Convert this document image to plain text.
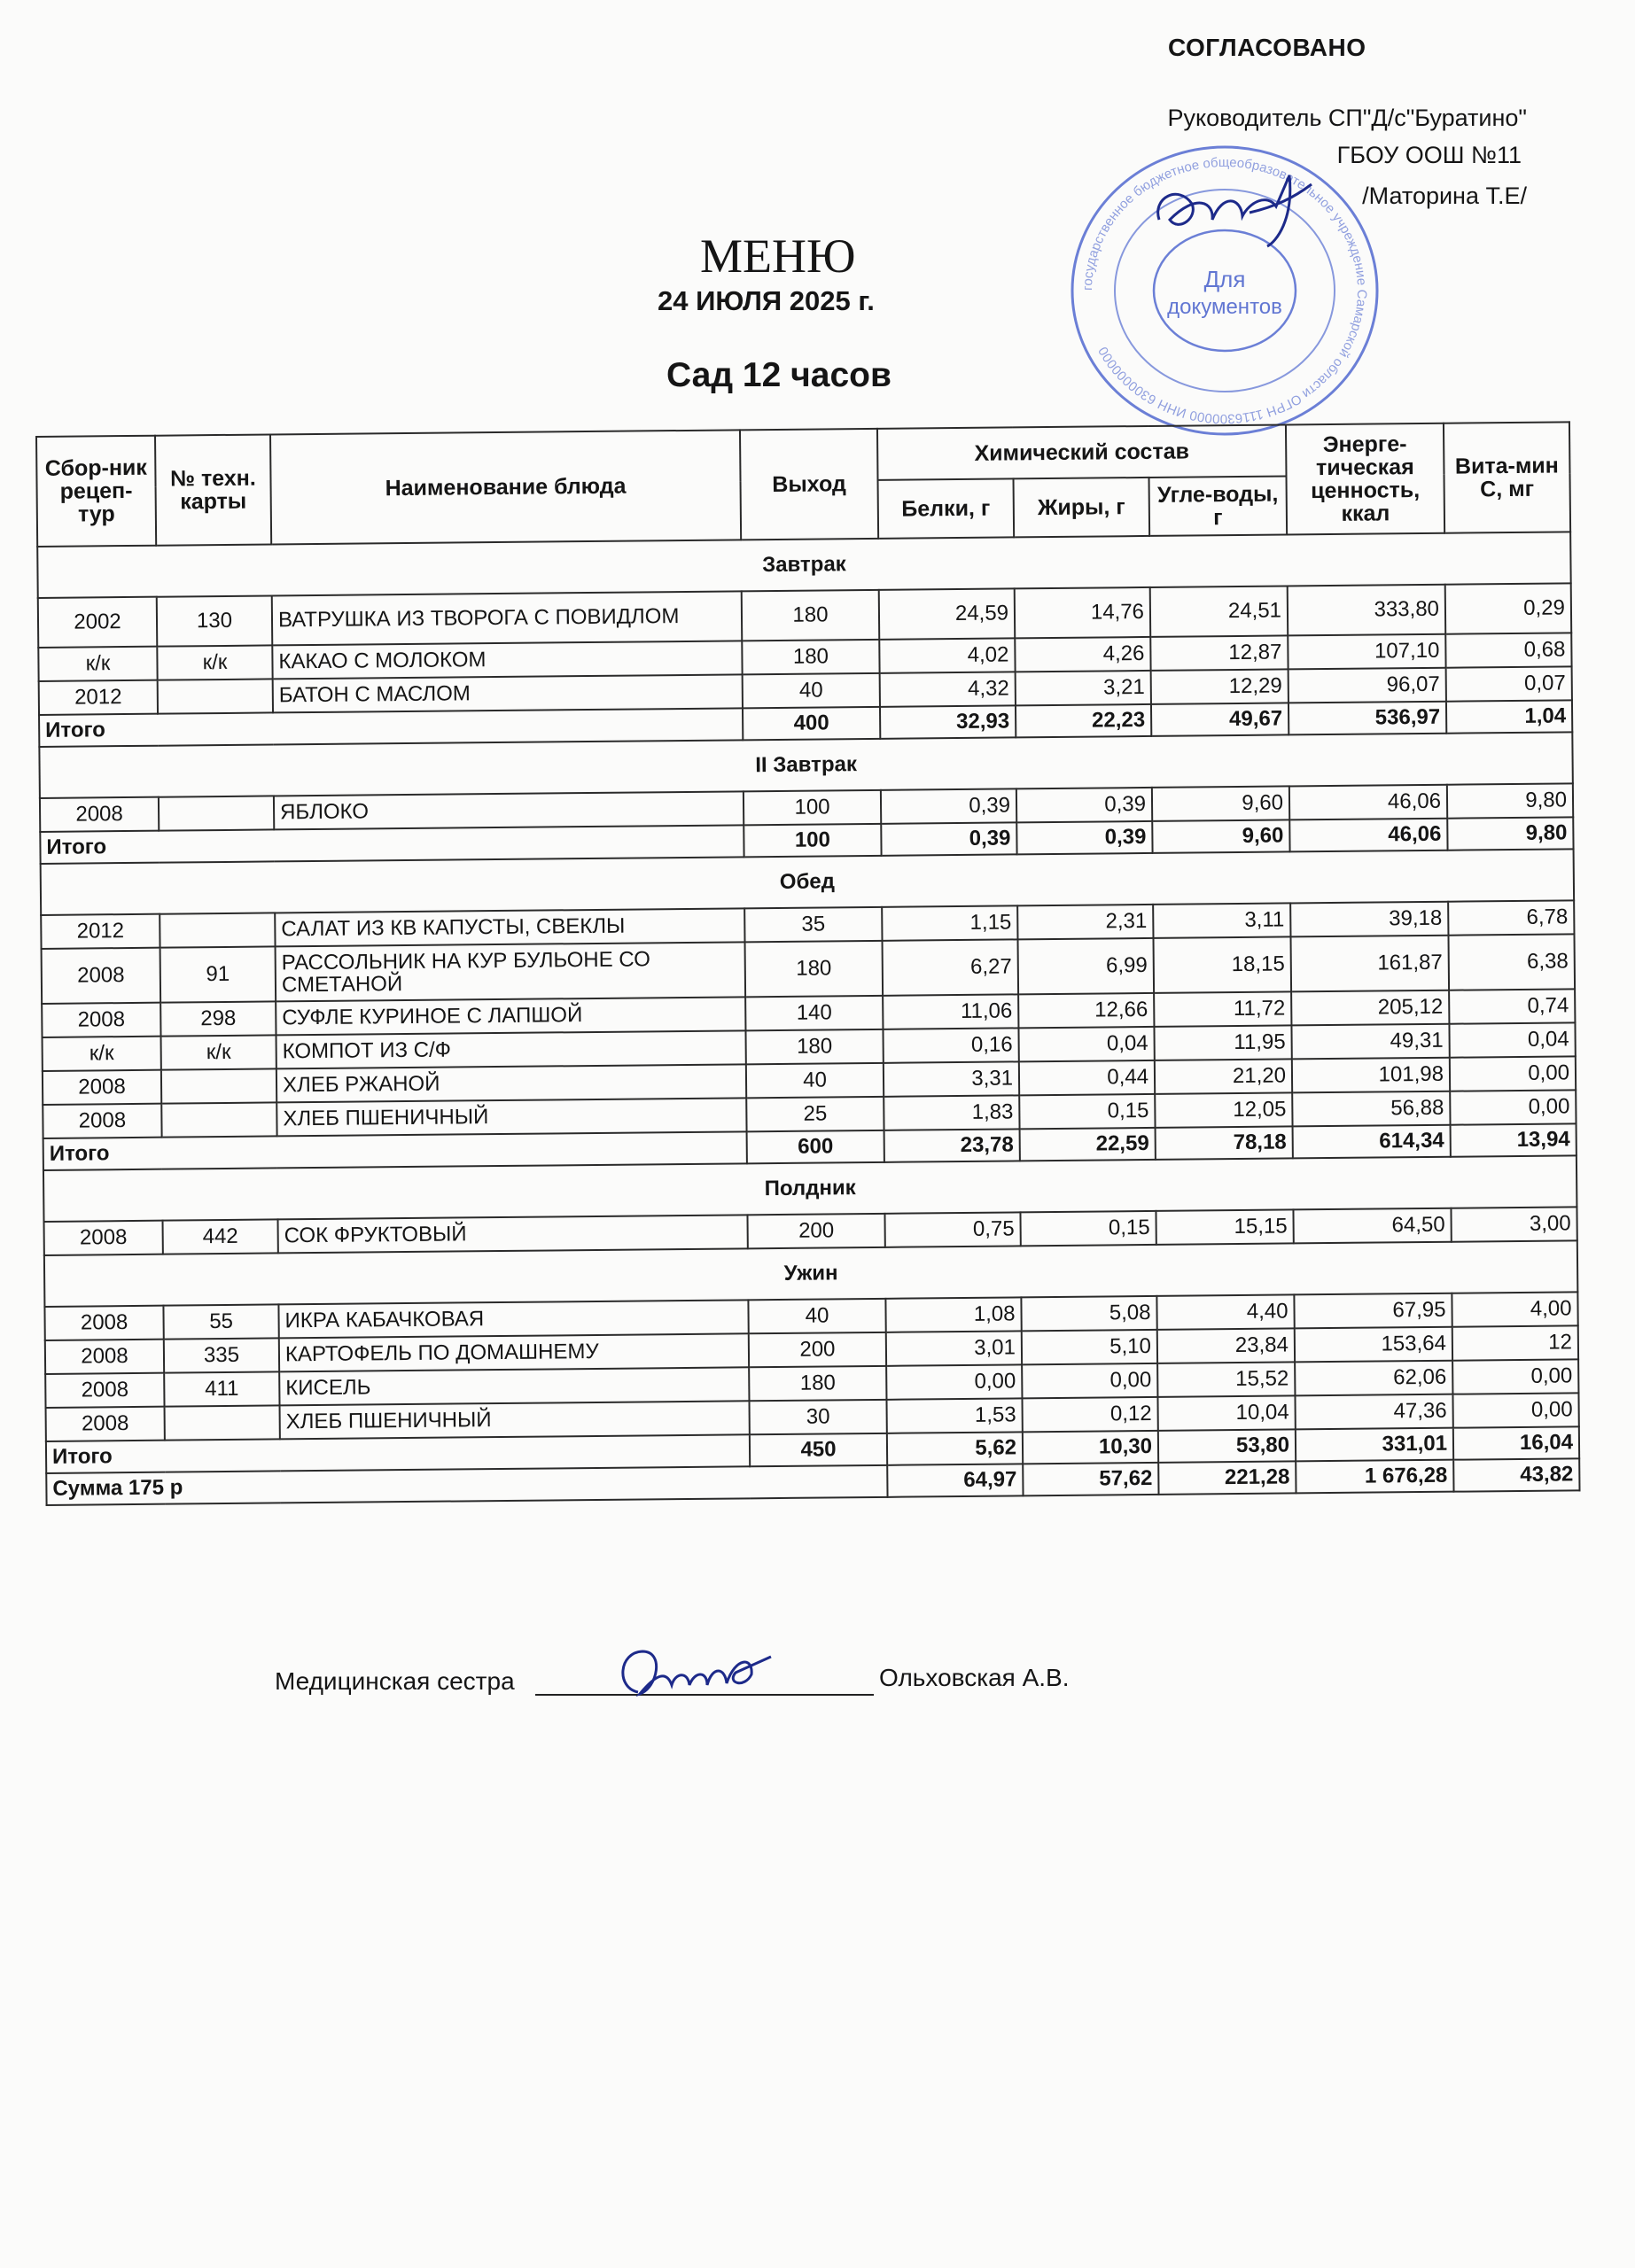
СОГЛАСОВАНО
Руководитель СП"Д/с"Буратино"
ГБОУ ООШ №11
/Маторина Т.Е/
государственное бюджетное общеобразовательное учреждение Самарской области ОГРН 1116300000 ИНН 6300000000
Для
документов
МЕНЮ
24 ИЮЛЯ 2025 г.
Сад 12 часов
Сбор-ник рецеп-тур	№ техн. карты	Наименование блюда	Выход	Химический состав			Энерге-тическая ценность, ккал	Вита-мин С, мг
				Белки, г	Жиры, г	Угле-воды, г		
Завтрак								
2002	130	ВАТРУШКА ИЗ ТВОРОГА С ПОВИДЛОМ	180	24,59	14,76	24,51	333,80	0,29
к/к	к/к	КАКАО С МОЛОКОМ	180	4,02	4,26	12,87	107,10	0,68
2012		БАТОН С МАСЛОМ	40	4,32	3,21	12,29	96,07	0,07
Итого			400	32,93	22,23	49,67	536,97	1,04
II Завтрак								
2008		ЯБЛОКО	100	0,39	0,39	9,60	46,06	9,80
Итого			100	0,39	0,39	9,60	46,06	9,80
Обед								
2012		САЛАТ ИЗ КВ КАПУСТЫ, СВЕКЛЫ	35	1,15	2,31	3,11	39,18	6,78
2008	91	РАССОЛЬНИК НА КУР БУЛЬОНЕ СО СМЕТАНОЙ	180	6,27	6,99	18,15	161,87	6,38
2008	298	СУФЛЕ КУРИНОЕ С ЛАПШОЙ	140	11,06	12,66	11,72	205,12	0,74
к/к	к/к	КОМПОТ ИЗ С/Ф	180	0,16	0,04	11,95	49,31	0,04
2008		ХЛЕБ РЖАНОЙ	40	3,31	0,44	21,20	101,98	0,00
2008		ХЛЕБ ПШЕНИЧНЫЙ	25	1,83	0,15	12,05	56,88	0,00
Итого			600	23,78	22,59	78,18	614,34	13,94
Полдник								
2008	442	СОК ФРУКТОВЫЙ	200	0,75	0,15	15,15	64,50	3,00
Ужин								
2008	55	ИКРА КАБАЧКОВАЯ	40	1,08	5,08	4,40	67,95	4,00
2008	335	КАРТОФЕЛЬ ПО ДОМАШНЕМУ	200	3,01	5,10	23,84	153,64	12
2008	411	КИСЕЛЬ	180	0,00	0,00	15,52	62,06	0,00
2008		ХЛЕБ ПШЕНИЧНЫЙ	30	1,53	0,12	10,04	47,36	0,00
Итого			450	5,62	10,30	53,80	331,01	16,04
Сумма 175 р				64,97	57,62	221,28	1 676,28	43,82
Медицинская сестра	Ольховская А.В.
